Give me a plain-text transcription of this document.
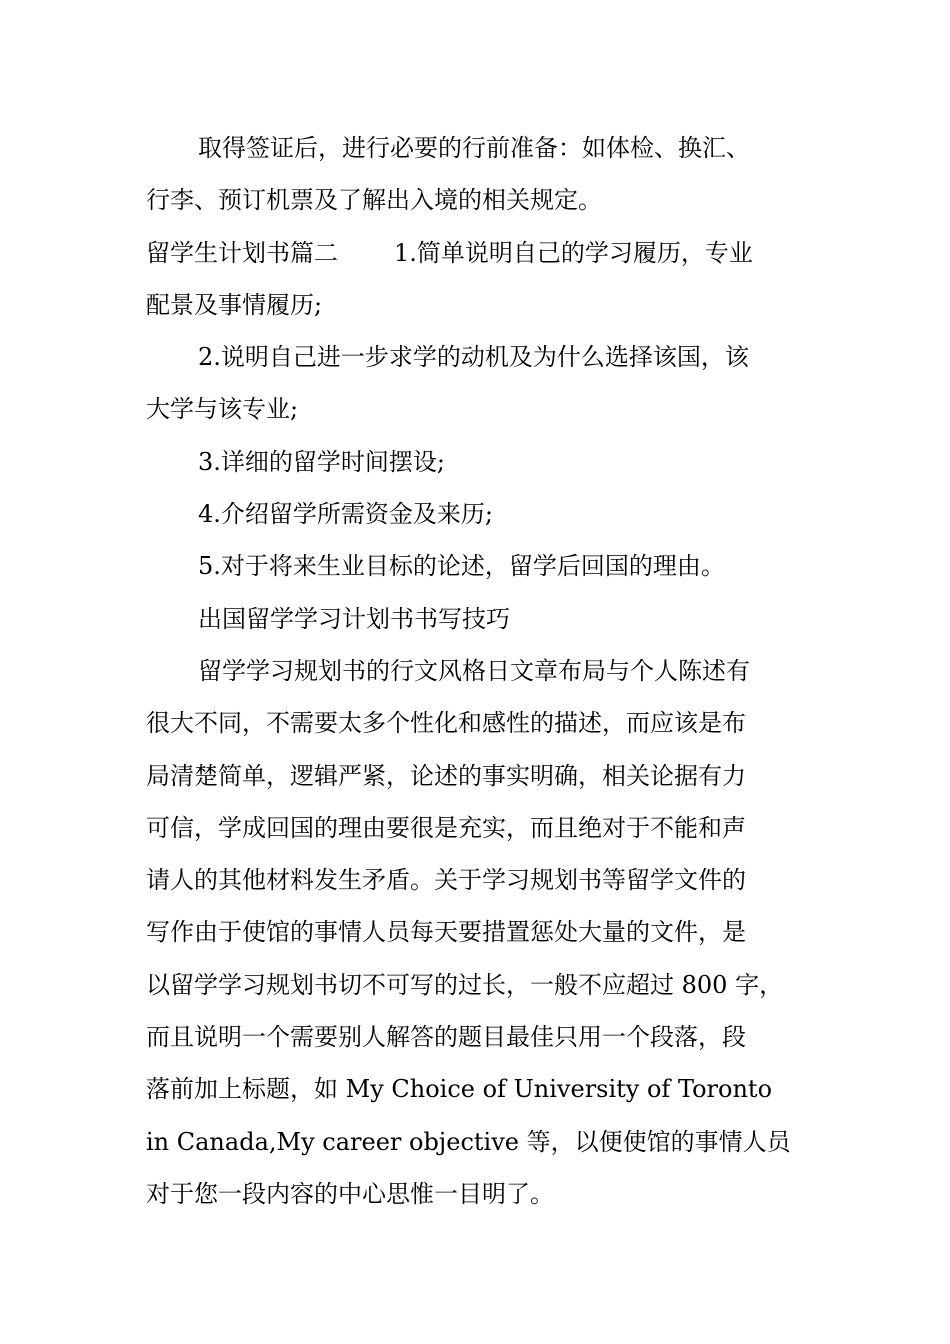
取得签证后，进行必要的行前准备：如体检、换汇、
行李、预订机票及了解出入境的相关规定。
留学生计划书篇二 1.简单说明自己的学习履历，专业
配景及事情履历;
2.说明自己进一步求学的动机及为什么选择该国，该
大学与该专业;
3.详细的留学时间摆设;
4.介绍留学所需资金及来历;
5.对于将来生业目标的论述，留学后回国的理由。
出国留学学习计划书书写技巧
留学学习规划书的行文风格日文章布局与个人陈述有
很大不同，不需要太多个性化和感性的描述，而应该是布
局清楚简单，逻辑严紧，论述的事实明确，相关论据有力
可信，学成回国的理由要很是充实，而且绝对于不能和声
请人的其他材料发生矛盾。关于学习规划书等留学文件的
写作由于使馆的事情人员每天要措置惩处大量的文件，是
以留学学习规划书切不可写的过长，一般不应超过 800 字，
而且说明一个需要别人解答的题目最佳只用一个段落，段
落前加上标题，如 My Choice of University of Toronto
in Canada,My career objective 等，以便使馆的事情人员
对于您一段内容的中心思惟一目明了。
